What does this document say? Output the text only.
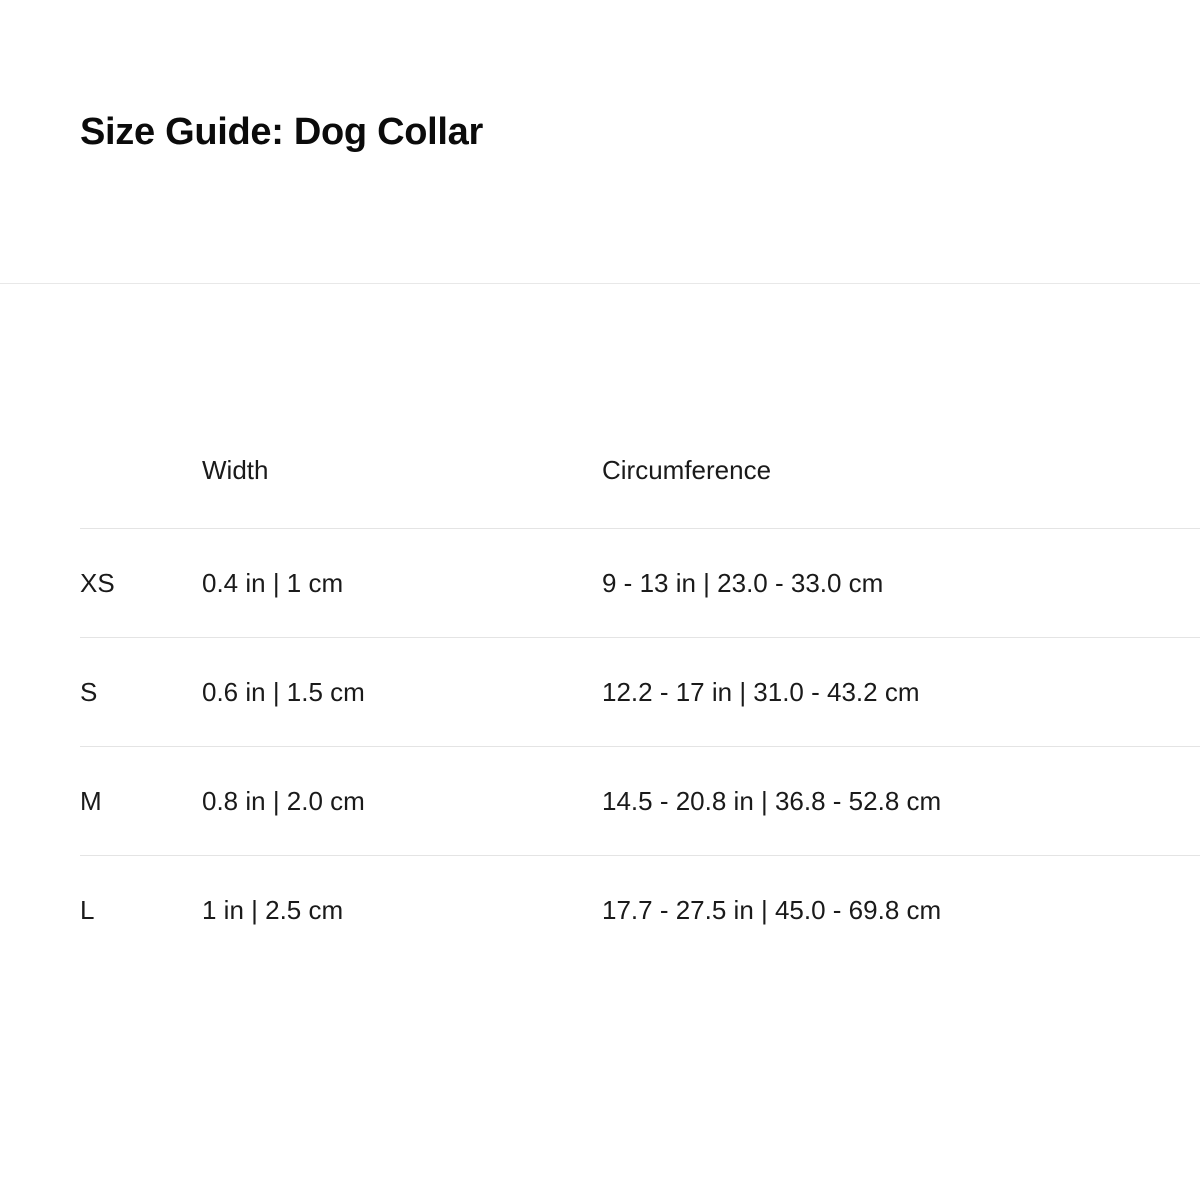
Size Guide: Dog Collar
	Width	Circumference
XS	0.4 in | 1 cm	9 - 13 in | 23.0 - 33.0 cm
S	0.6 in | 1.5 cm	12.2 - 17 in | 31.0 - 43.2 cm
M	0.8 in | 2.0 cm	14.5 - 20.8 in | 36.8 - 52.8 cm
L	1 in | 2.5 cm	17.7 - 27.5 in | 45.0 - 69.8 cm
